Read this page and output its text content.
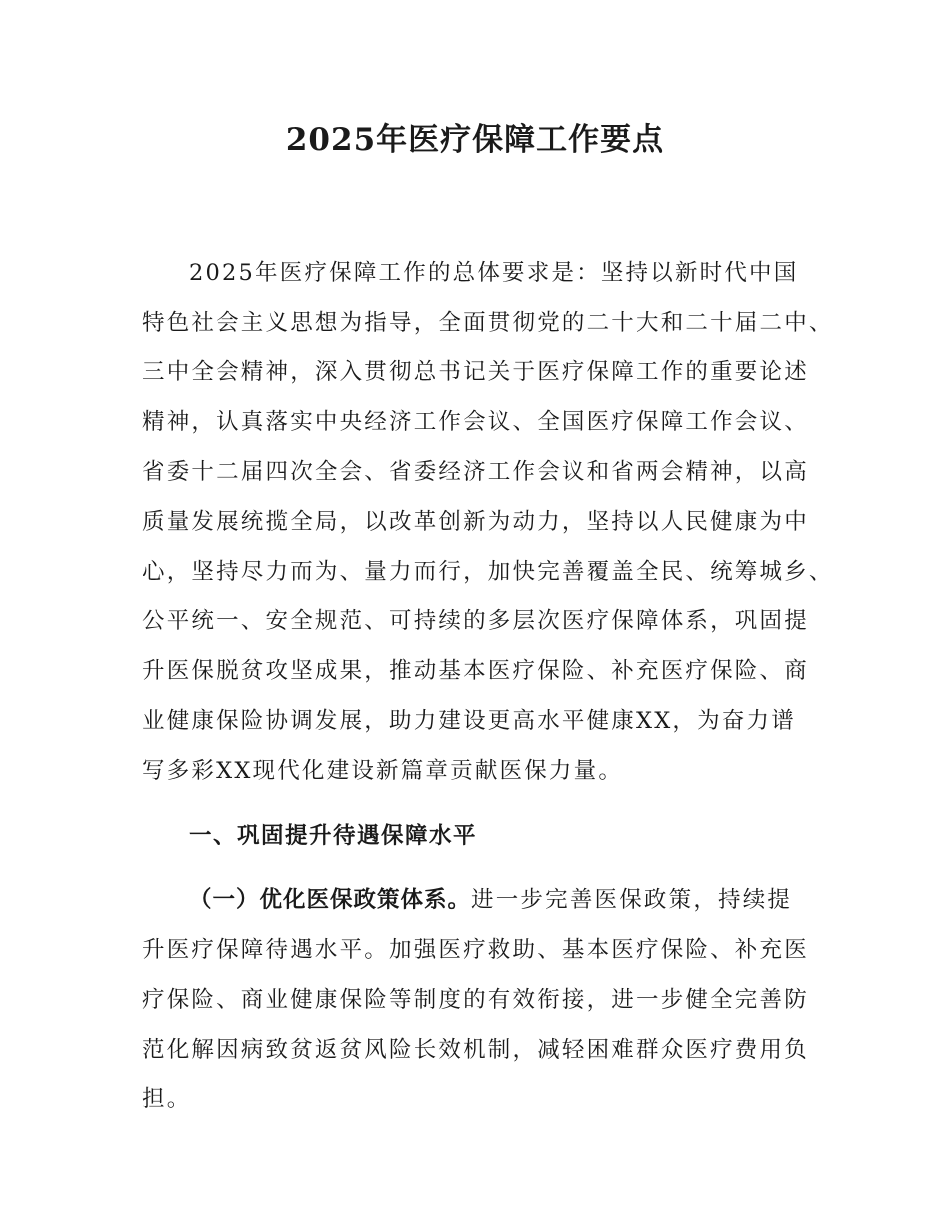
2025年医疗保障工作要点
2025年医疗保障工作的总体要求是：坚持以新时代中国
特色社会主义思想为指导，全面贯彻党的二十大和二十届二中、
三中全会精神，深入贯彻总书记关于医疗保障工作的重要论述
精神，认真落实中央经济工作会议、全国医疗保障工作会议、
省委十二届四次全会、省委经济工作会议和省两会精神，以高
质量发展统揽全局，以改革创新为动力，坚持以人民健康为中
心，坚持尽力而为、量力而行，加快完善覆盖全民、统筹城乡、
公平统一、安全规范、可持续的多层次医疗保障体系，巩固提
升医保脱贫攻坚成果，推动基本医疗保险、补充医疗保险、商
业健康保险协调发展，助力建设更高水平健康XX，为奋力谱
写多彩XX现代化建设新篇章贡献医保力量。
一、巩固提升待遇保障水平
（一）优化医保政策体系。进一步完善医保政策，持续提
升医疗保障待遇水平。加强医疗救助、基本医疗保险、补充医
疗保险、商业健康保险等制度的有效衔接，进一步健全完善防
范化解因病致贫返贫风险长效机制，减轻困难群众医疗费用负
担。
